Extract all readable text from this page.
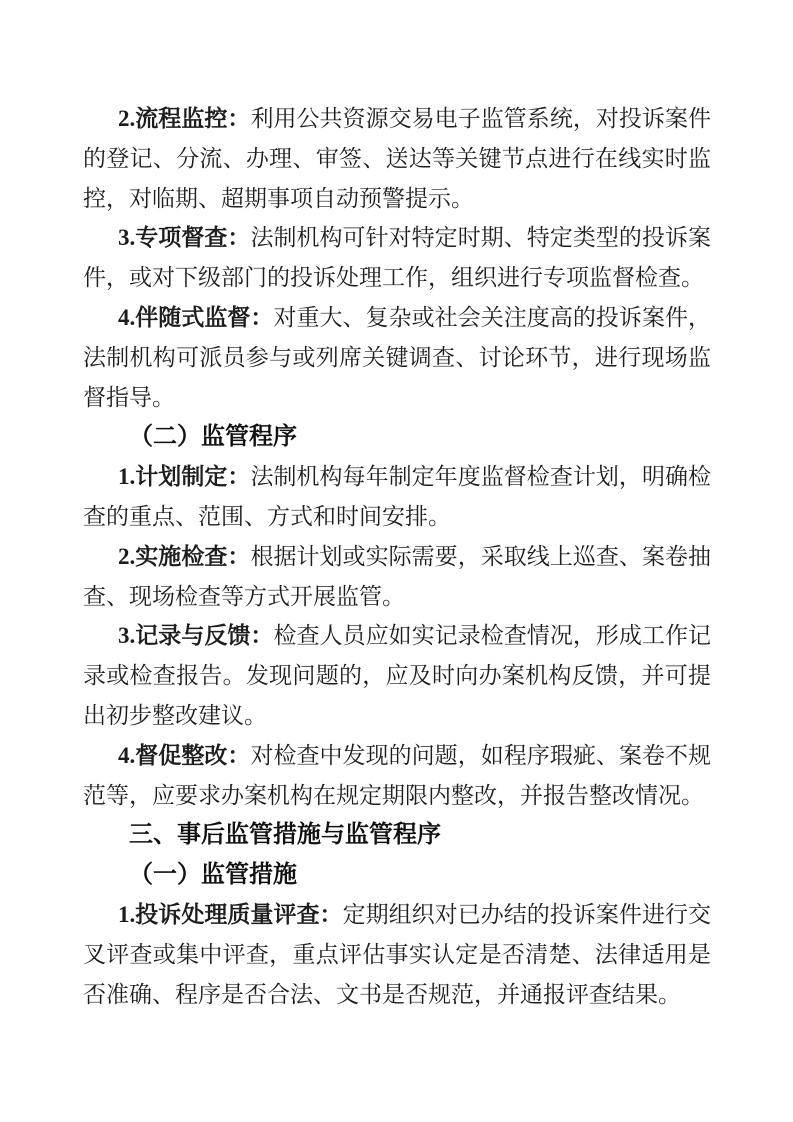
2.流程监控：利用公共资源交易电子监管系统，对投诉案件的登记、分流、办理、审签、送达等关键节点进行在线实时监控，对临期、超期事项自动预警提示。

3.专项督查：法制机构可针对特定时期、特定类型的投诉案件，或对下级部门的投诉处理工作，组织进行专项监督检查。

4.伴随式监督：对重大、复杂或社会关注度高的投诉案件，法制机构可派员参与或列席关键调查、讨论环节，进行现场监督指导。

（二）监管程序

1.计划制定：法制机构每年制定年度监督检查计划，明确检查的重点、范围、方式和时间安排。

2.实施检查：根据计划或实际需要，采取线上巡查、案卷抽查、现场检查等方式开展监管。

3.记录与反馈：检查人员应如实记录检查情况，形成工作记录或检查报告。发现问题的，应及时向办案机构反馈，并可提出初步整改建议。

4.督促整改：对检查中发现的问题，如程序瑕疵、案卷不规范等，应要求办案机构在规定期限内整改，并报告整改情况。

三、事后监管措施与监管程序
（一）监管措施

1.投诉处理质量评查：定期组织对已办结的投诉案件进行交叉评查或集中评查，重点评估事实认定是否清楚、法律适用是否准确、程序是否合法、文书是否规范，并通报评查结果。
